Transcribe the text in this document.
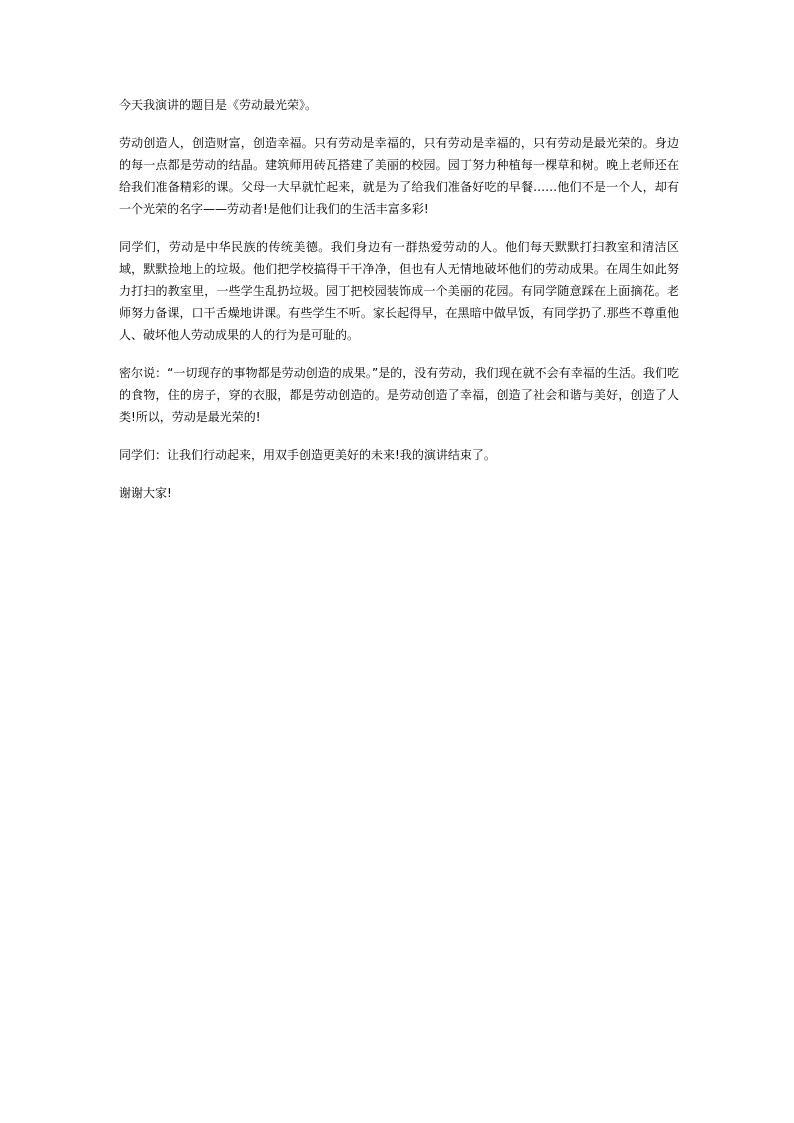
今天我演讲的题目是《劳动最光荣》。

劳动创造人，创造财富，创造幸福。只有劳动是幸福的，只有劳动是幸福的，只有劳动是最光荣的。身边的每一点都是劳动的结晶。建筑师用砖瓦搭建了美丽的校园。园丁努力种植每一棵草和树。晚上老师还在给我们准备精彩的课。父母一大早就忙起来，就是为了给我们准备好吃的早餐……他们不是一个人，却有一个光荣的名字——劳动者!是他们让我们的生活丰富多彩!

同学们，劳动是中华民族的传统美德。我们身边有一群热爱劳动的人。他们每天默默打扫教室和清洁区域，默默捡地上的垃圾。他们把学校搞得干干净净，但也有人无情地破坏他们的劳动成果。在周生如此努力打扫的教室里，一些学生乱扔垃圾。园丁把校园装饰成一个美丽的花园。有同学随意踩在上面摘花。老师努力备课，口干舌燥地讲课。有些学生不听。家长起得早，在黑暗中做早饭，有同学扔了.那些不尊重他人、破坏他人劳动成果的人的行为是可耻的。

密尔说：“一切现存的事物都是劳动创造的成果。”是的，没有劳动，我们现在就不会有幸福的生活。我们吃的食物，住的房子，穿的衣服，都是劳动创造的。是劳动创造了幸福，创造了社会和谐与美好，创造了人类!所以，劳动是最光荣的!

同学们：让我们行动起来，用双手创造更美好的未来!我的演讲结束了。

谢谢大家!
